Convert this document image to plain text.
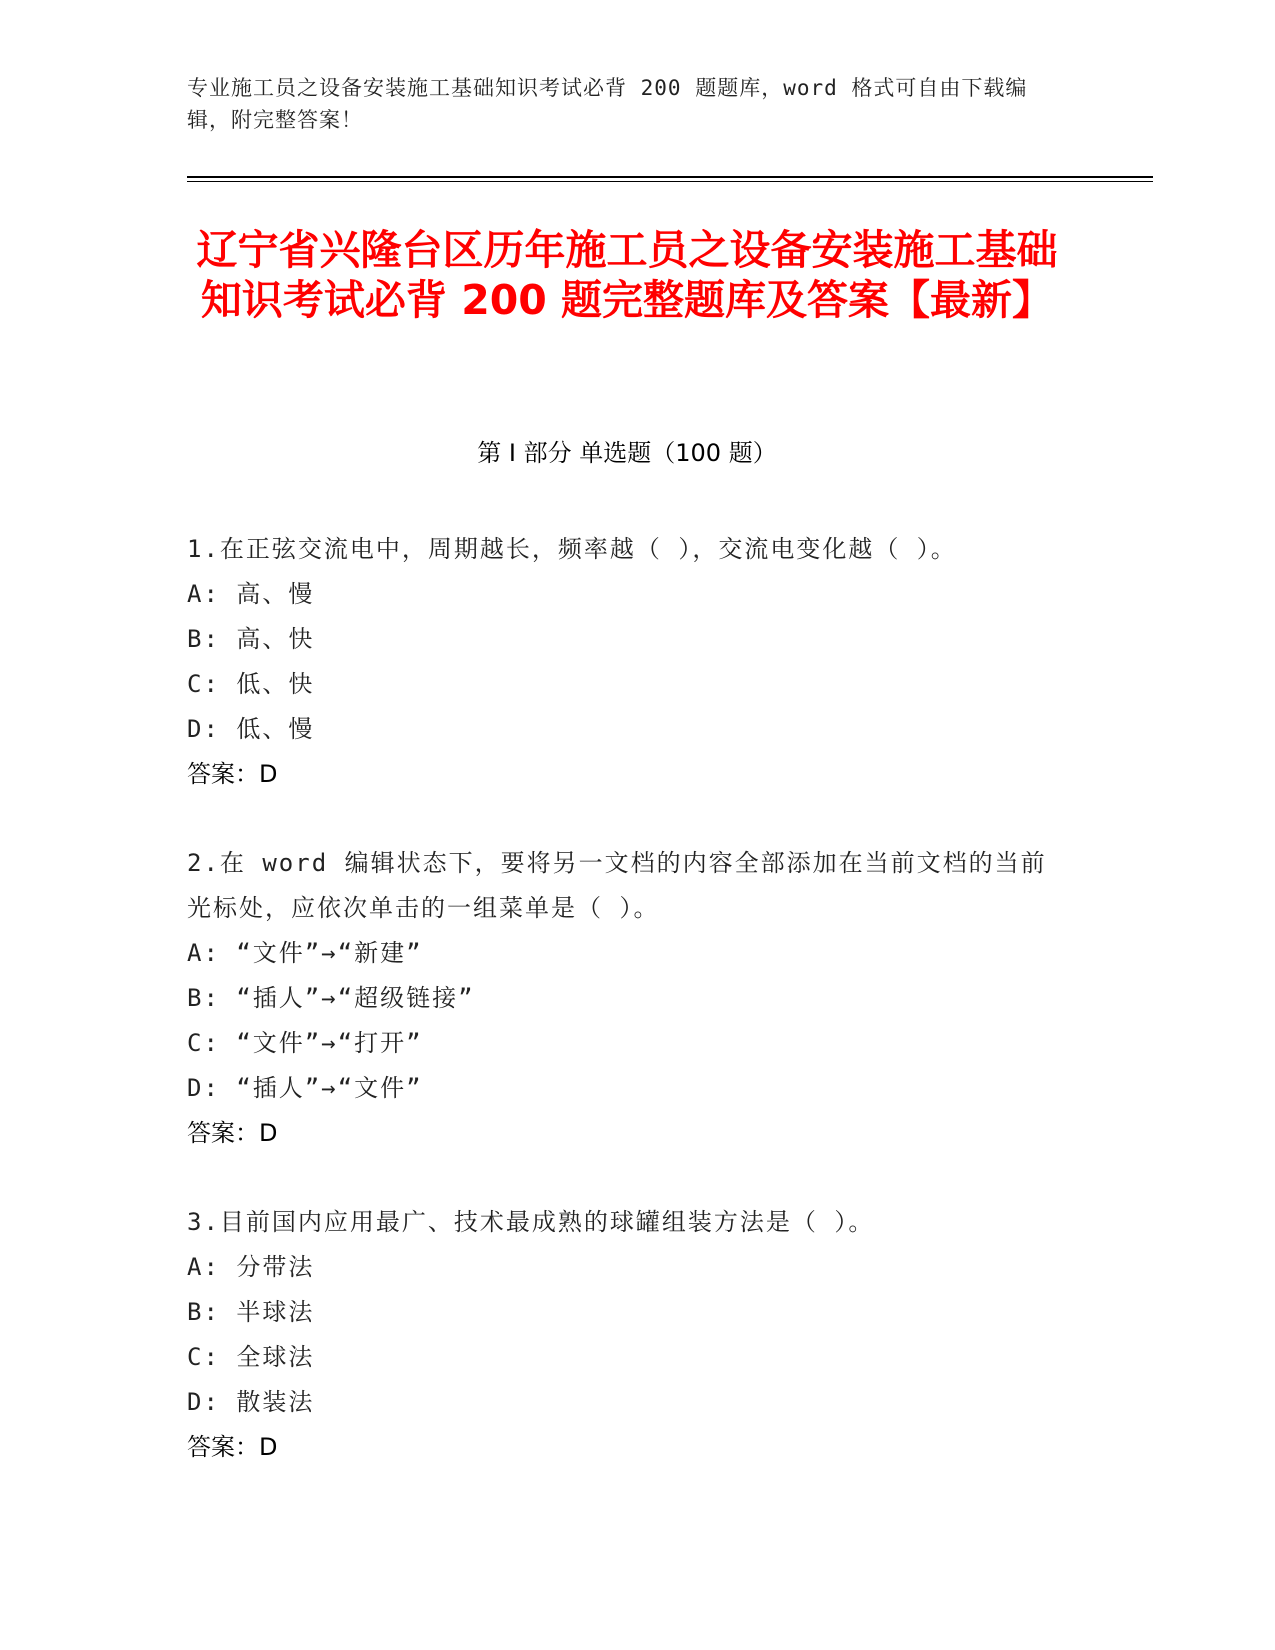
专业施工员之设备安装施工基础知识考试必背 200 题题库，word 格式可自由下载编辑，附完整答案！
辽宁省兴隆台区历年施工员之设备安装施工基础知识考试必背 200 题完整题库及答案【最新】
第 I 部分 单选题（100 题）
1.在正弦交流电中，周期越长，频率越（ ），交流电变化越（ ）。
A: 高、慢
B: 高、快
C: 低、快
D: 低、慢
答案：D
2.在 word 编辑状态下，要将另一文档的内容全部添加在当前文档的当前光标处，应依次单击的一组菜单是（ ）。
A: “文件”→“新建”
B: “插人”→“超级链接”
C: “文件”→“打开”
D: “插人”→“文件”
答案：D
3.目前国内应用最广、技术最成熟的球罐组装方法是（ ）。
A: 分带法
B: 半球法
C: 全球法
D: 散装法
答案：D
